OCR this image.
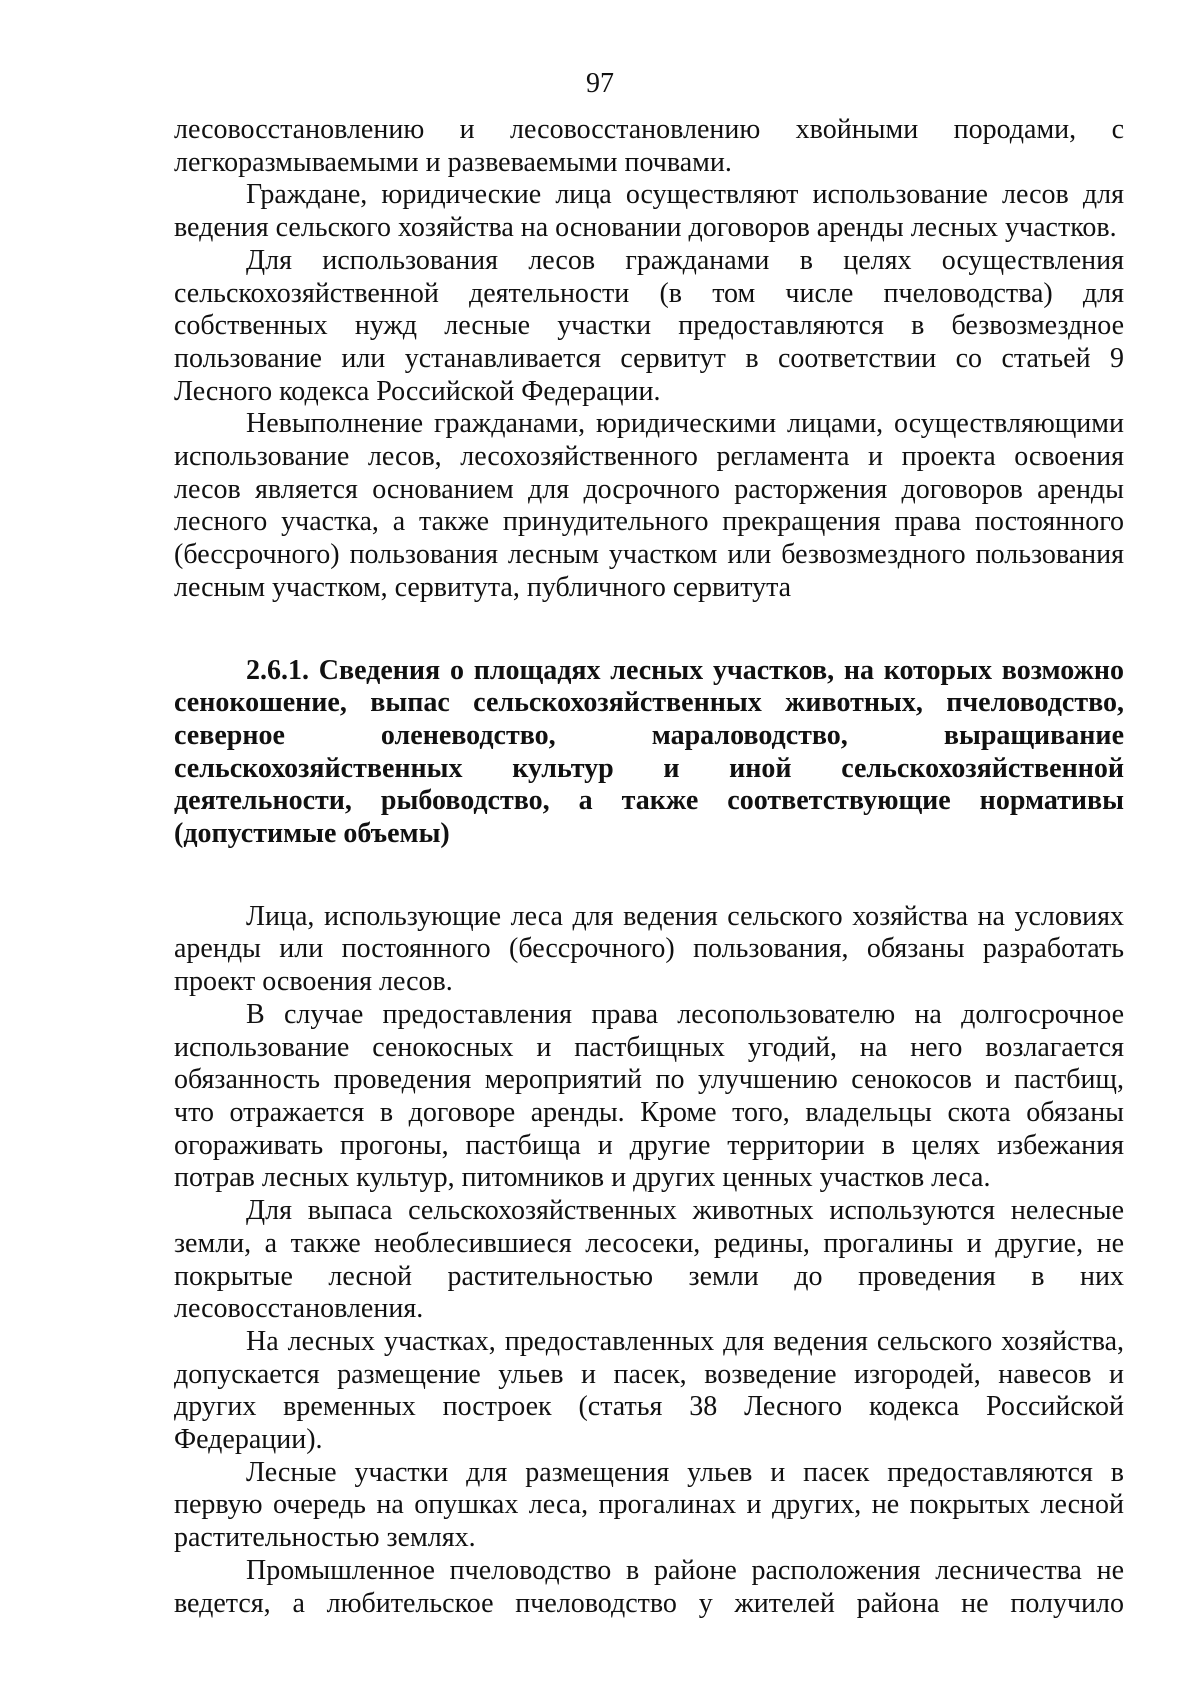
97

лесовосстановлению и лесовосстановлению хвойными породами, с легкоразмываемыми и развеваемыми почвами.

Граждане, юридические лица осуществляют использование лесов для ведения сельского хозяйства на основании договоров аренды лесных участков.

Для использования лесов гражданами в целях осуществления сельскохозяйственной деятельности (в том числе пчеловодства) для собственных нужд лесные участки предоставляются в безвозмездное пользование или устанавливается сервитут в соответствии со статьей 9 Лесного кодекса Российской Федерации.

Невыполнение гражданами, юридическими лицами, осуществляющими использование лесов, лесохозяйственного регламента и проекта освоения лесов является основанием для досрочного расторжения договоров аренды лесного участка, а также принудительного прекращения права постоянного (бессрочного) пользования лесным участком или безвозмездного пользования лесным участком, сервитута, публичного сервитута

2.6.1. Сведения о площадях лесных участков, на которых возможно сенокошение, выпас сельскохозяйственных животных, пчеловодство, северное оленеводство, мараловодство, выращивание сельскохозяйственных культур и иной сельскохозяйственной деятельности, рыбоводство, а также соответствующие нормативы (допустимые объемы)

Лица, использующие леса для ведения сельского хозяйства на условиях аренды или постоянного (бессрочного) пользования, обязаны разработать проект освоения лесов.

В случае предоставления права лесопользователю на долгосрочное использование сенокосных и пастбищных угодий, на него возлагается обязанность проведения мероприятий по улучшению сенокосов и пастбищ, что отражается в договоре аренды. Кроме того, владельцы скота обязаны огораживать прогоны, пастбища и другие территории в целях избежания потрав лесных культур, питомников и других ценных участков леса.

Для выпаса сельскохозяйственных животных используются нелесные земли, а также необлесившиеся лесосеки, редины, прогалины и другие, не покрытые лесной растительностью земли до проведения в них лесовосстановления.

На лесных участках, предоставленных для ведения сельского хозяйства, допускается размещение ульев и пасек, возведение изгородей, навесов и других временных построек (статья 38 Лесного кодекса Российской Федерации).

Лесные участки для размещения ульев и пасек предоставляются в первую очередь на опушках леса, прогалинах и других, не покрытых лесной растительностью землях.

Промышленное пчеловодство в районе расположения лесничества не ведется, а любительское пчеловодство у жителей района не получило
